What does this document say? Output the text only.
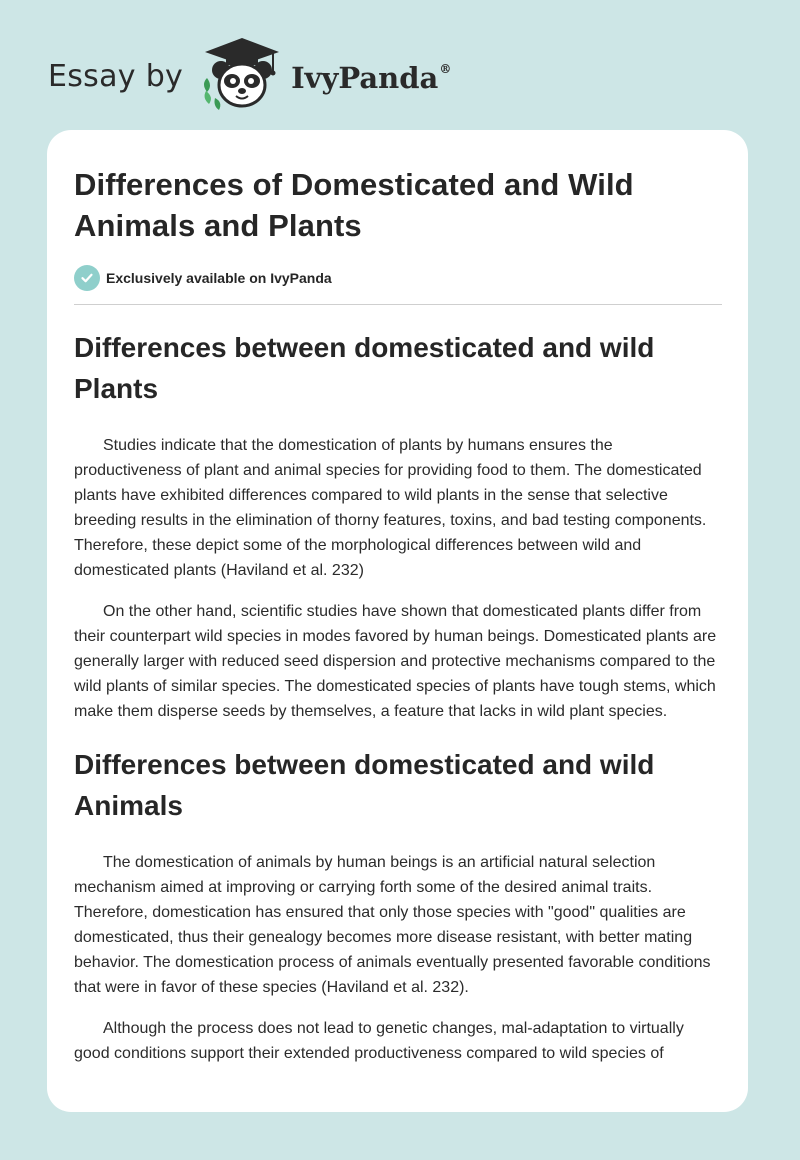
Essay by	IvyPanda®
Differences of Domesticated and Wild Animals and Plants
Exclusively available on IvyPanda
Differences between domesticated and wild Plants

Studies indicate that the domestication of plants by humans ensures the productiveness of plant and animal species for providing food to them. The domesticated plants have exhibited differences compared to wild plants in the sense that selective breeding results in the elimination of thorny features, toxins, and bad testing components. Therefore, these depict some of the morphological differences between wild and domesticated plants (Haviland et al. 232)

On the other hand, scientific studies have shown that domesticated plants differ from their counterpart wild species in modes favored by human beings. Domesticated plants are generally larger with reduced seed dispersion and protective mechanisms compared to the wild plants of similar species. The domesticated species of plants have tough stems, which make them disperse seeds by themselves, a feature that lacks in wild plant species.

Differences between domesticated and wild Animals

The domestication of animals by human beings is an artificial natural selection mechanism aimed at improving or carrying forth some of the desired animal traits. Therefore, domestication has ensured that only those species with "good" qualities are domesticated, thus their genealogy becomes more disease resistant, with better mating behavior. The domestication process of animals eventually presented favorable conditions that were in favor of these species (Haviland et al. 232).

Although the process does not lead to genetic changes, mal-adaptation to virtually good conditions support their extended productiveness compared to wild species of
